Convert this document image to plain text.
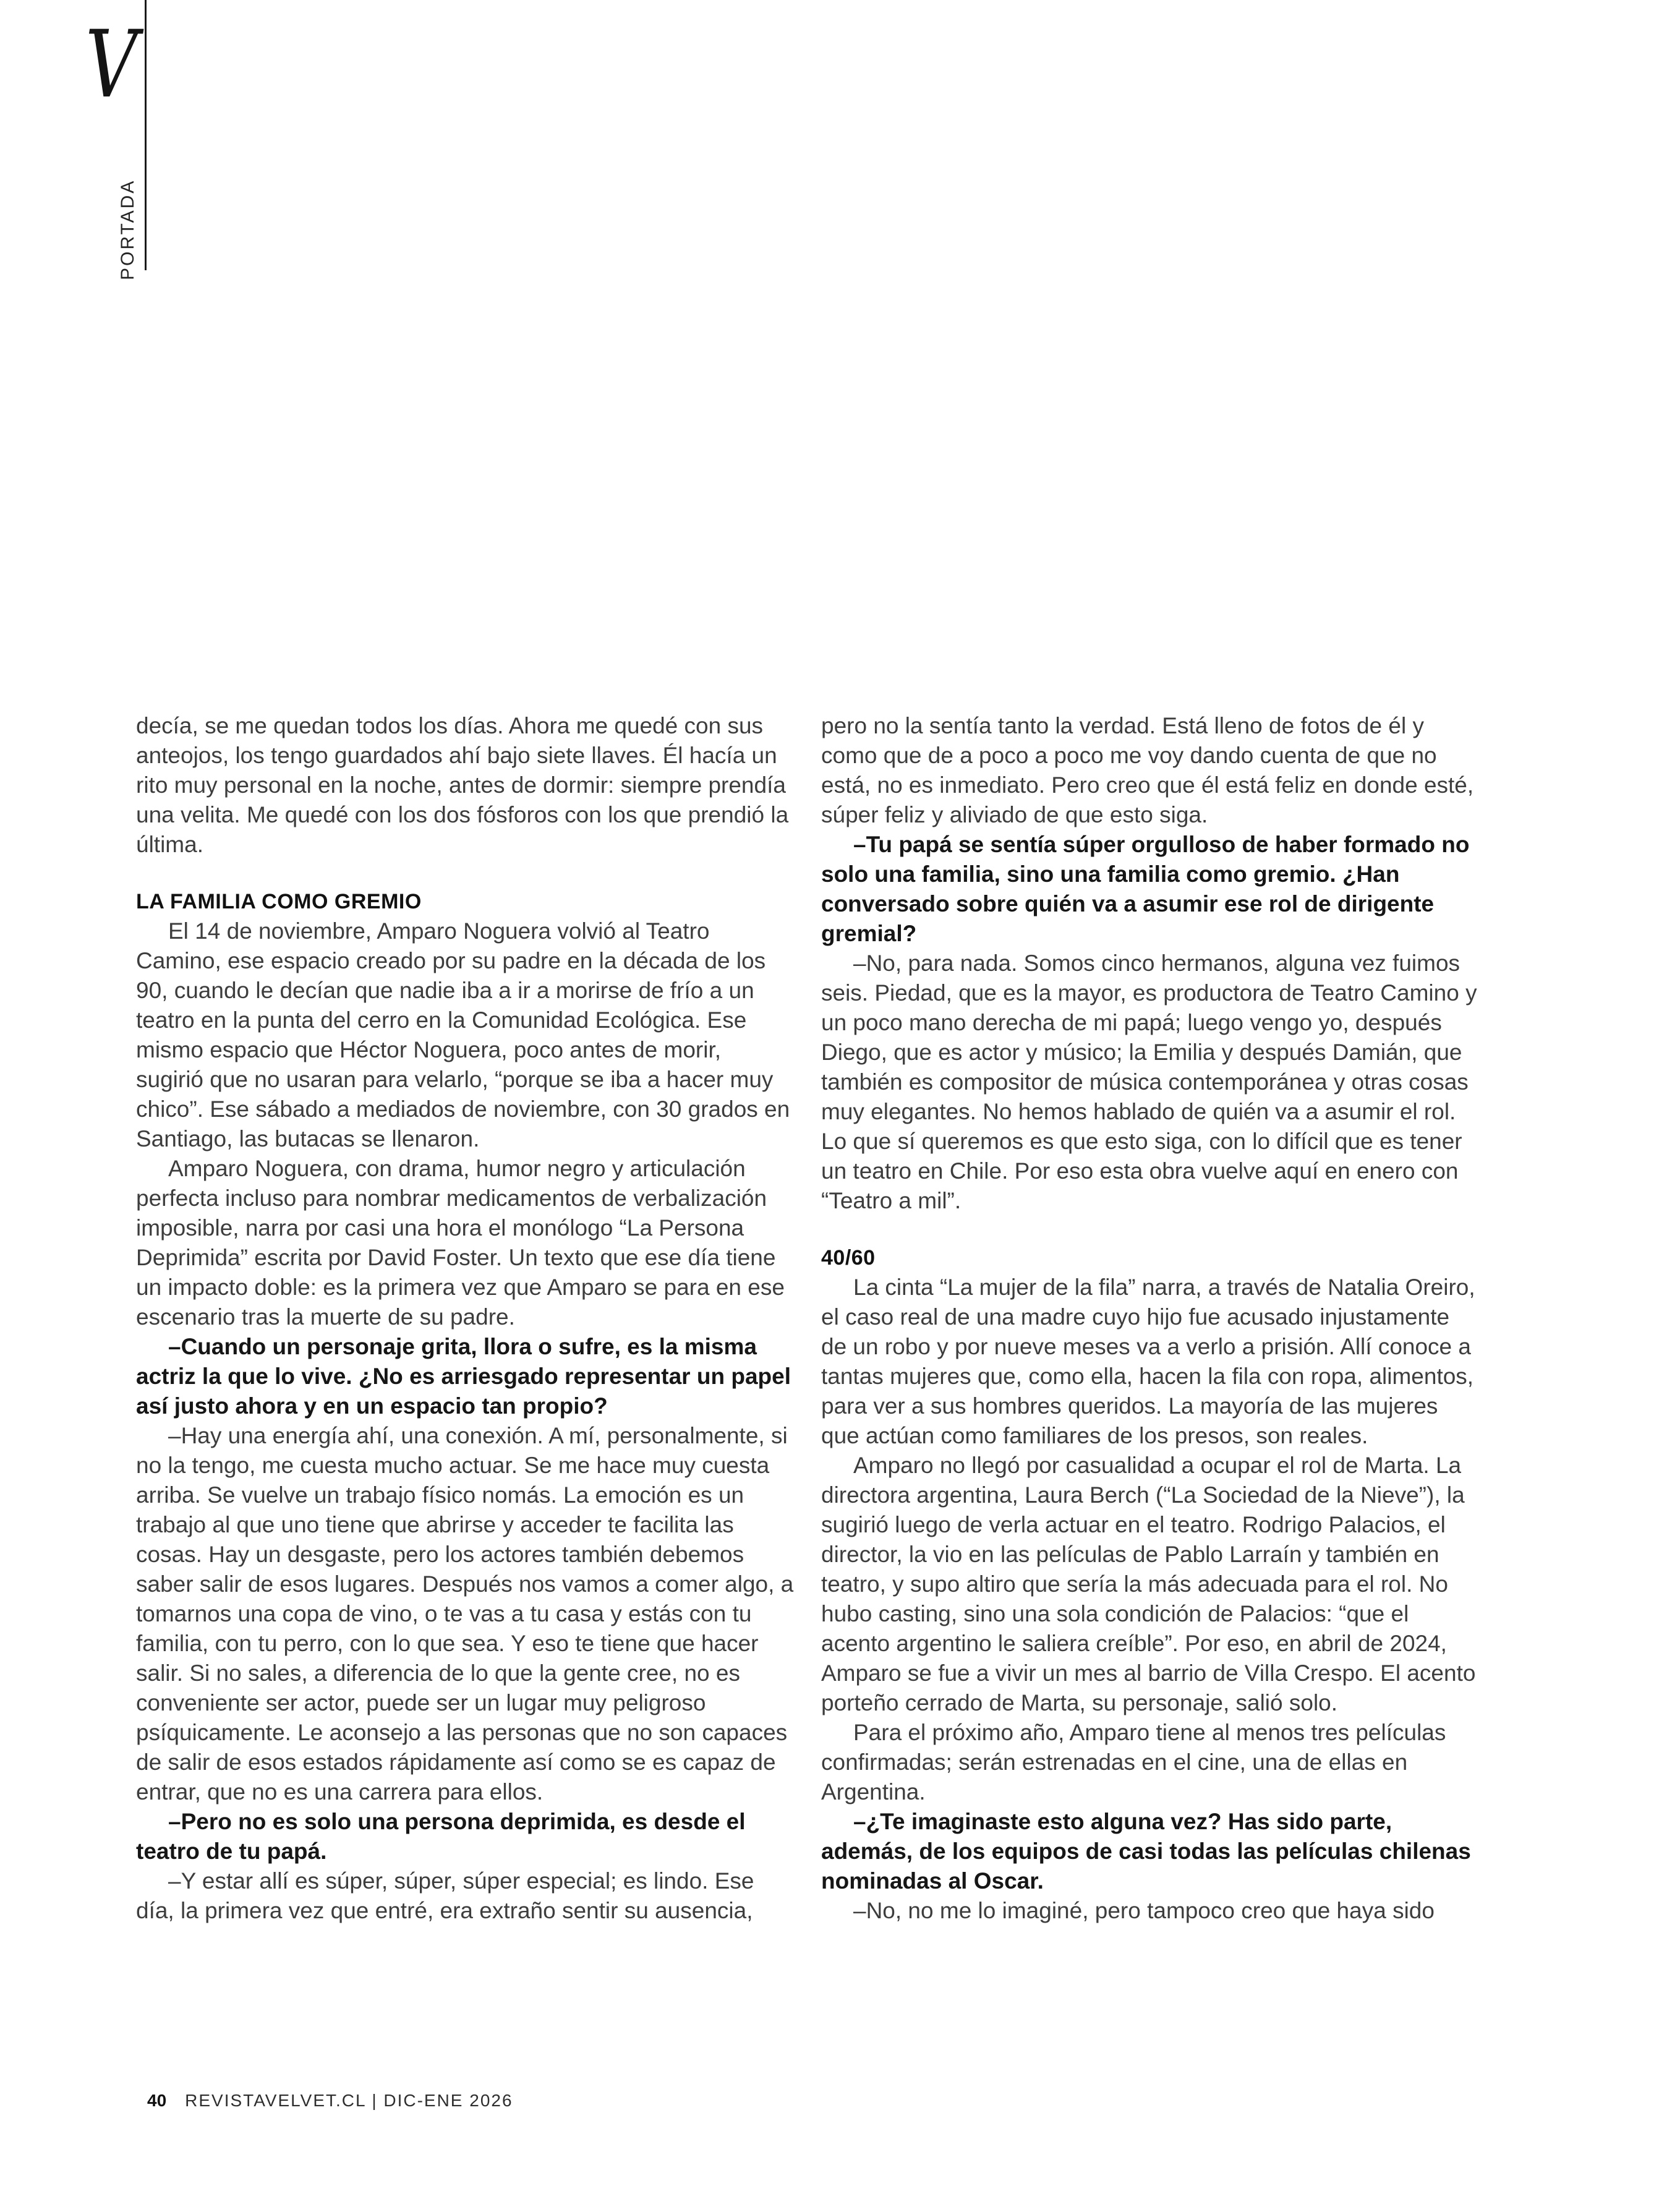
V
PORTADA

decía, se me quedan todos los días. Ahora me quedé con sus anteojos, los tengo guardados ahí bajo siete llaves. Él hacía un rito muy personal en la noche, antes de dormir: siempre prendía una velita. Me quedé con los dos fósforos con los que prendió la última.

LA FAMILIA COMO GREMIO

El 14 de noviembre, Amparo Noguera volvió al Teatro Camino, ese espacio creado por su padre en la década de los 90, cuando le decían que nadie iba a ir a morirse de frío a un teatro en la punta del cerro en la Comunidad Ecológica. Ese mismo espacio que Héctor Noguera, poco antes de morir, sugirió que no usaran para velarlo, “porque se iba a hacer muy chico”. Ese sábado a mediados de noviembre, con 30 grados en Santiago, las butacas se llenaron.

Amparo Noguera, con drama, humor negro y articulación perfecta incluso para nombrar medicamentos de verbalización imposible, narra por casi una hora el monólogo “La Persona Deprimida” escrita por David Foster. Un texto que ese día tiene un impacto doble: es la primera vez que Amparo se para en ese escenario tras la muerte de su padre.

–Cuando un personaje grita, llora o sufre, es la misma actriz la que lo vive. ¿No es arriesgado representar un papel así justo ahora y en un espacio tan propio?

–Hay una energía ahí, una conexión. A mí, personalmente, si no la tengo, me cuesta mucho actuar. Se me hace muy cuesta arriba. Se vuelve un trabajo físico nomás. La emoción es un trabajo al que uno tiene que abrirse y acceder te facilita las cosas. Hay un desgaste, pero los actores también debemos saber salir de esos lugares. Después nos vamos a comer algo, a tomarnos una copa de vino, o te vas a tu casa y estás con tu familia, con tu perro, con lo que sea. Y eso te tiene que hacer salir. Si no sales, a diferencia de lo que la gente cree, no es conveniente ser actor, puede ser un lugar muy peligroso psíquicamente. Le aconsejo a las personas que no son capaces de salir de esos estados rápidamente así como se es capaz de entrar, que no es una carrera para ellos.

–Pero no es solo una persona deprimida, es desde el teatro de tu papá.

–Y estar allí es súper, súper, súper especial; es lindo. Ese día, la primera vez que entré, era extraño sentir su ausencia,

pero no la sentía tanto la verdad. Está lleno de fotos de él y como que de a poco a poco me voy dando cuenta de que no está, no es inmediato. Pero creo que él está feliz en donde esté, súper feliz y aliviado de que esto siga.

–Tu papá se sentía súper orgulloso de haber formado no solo una familia, sino una familia como gremio. ¿Han conversado sobre quién va a asumir ese rol de dirigente gremial?

–No, para nada. Somos cinco hermanos, alguna vez fuimos seis. Piedad, que es la mayor, es productora de Teatro Camino y un poco mano derecha de mi papá; luego vengo yo, después Diego, que es actor y músico; la Emilia y después Damián, que también es compositor de música contemporánea y otras cosas muy elegantes. No hemos hablado de quién va a asumir el rol. Lo que sí queremos es que esto siga, con lo difícil que es tener un teatro en Chile. Por eso esta obra vuelve aquí en enero con “Teatro a mil”.

40/60

La cinta “La mujer de la fila” narra, a través de Natalia Oreiro, el caso real de una madre cuyo hijo fue acusado injustamente de un robo y por nueve meses va a verlo a prisión. Allí conoce a tantas mujeres que, como ella, hacen la fila con ropa, alimentos, para ver a sus hombres queridos. La mayoría de las mujeres que actúan como familiares de los presos, son reales.

Amparo no llegó por casualidad a ocupar el rol de Marta. La directora argentina, Laura Berch (“La Sociedad de la Nieve”), la sugirió luego de verla actuar en el teatro. Rodrigo Palacios, el director, la vio en las películas de Pablo Larraín y también en teatro, y supo altiro que sería la más adecuada para el rol. No hubo casting, sino una sola condición de Palacios: “que el acento argentino le saliera creíble”. Por eso, en abril de 2024, Amparo se fue a vivir un mes al barrio de Villa Crespo. El acento porteño cerrado de Marta, su personaje, salió solo.

Para el próximo año, Amparo tiene al menos tres películas confirmadas; serán estrenadas en el cine, una de ellas en Argentina.

–¿Te imaginaste esto alguna vez? Has sido parte, además, de los equipos de casi todas las películas chilenas nominadas al Oscar.

–No, no me lo imaginé, pero tampoco creo que haya sido

40 REVISTAVELVET.CL | DIC-ENE 2026
